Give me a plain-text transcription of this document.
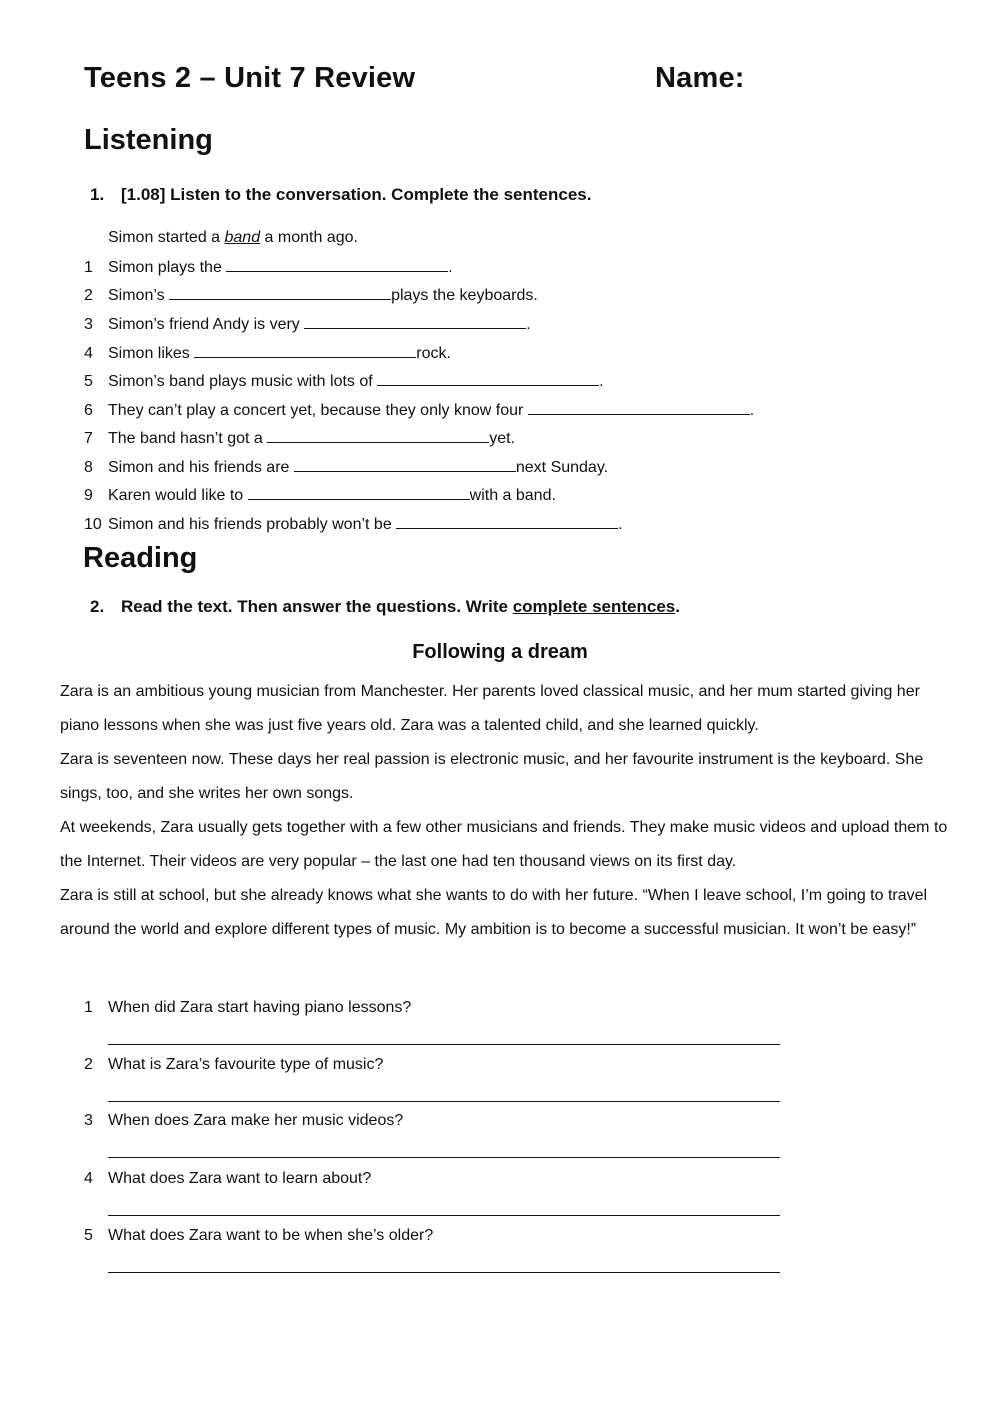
Teens 2 – Unit 7 Review	Name:
Listening
1. [1.08] Listen to the conversation. Complete the sentences.
Simon started a band a month ago.
1 Simon plays the	.
2 Simon’s	plays the keyboards.
3 Simon’s friend Andy is very	.
4 Simon likes	rock.
5 Simon’s band plays music with lots of	.
6 They can’t play a concert yet, because they only know four	.
7 The band hasn’t got a	yet.
8 Simon and his friends are	next Sunday.
9 Karen would like to	with a band.
10 Simon and his friends probably won’t be	.
Reading
2. Read the text. Then answer the questions. Write complete sentences.
Following a dream

Zara is an ambitious young musician from Manchester. Her parents loved classical music, and her mum started giving her piano lessons when she was just five years old. Zara was a talented child, and she learned quickly.

Zara is seventeen now. These days her real passion is electronic music, and her favourite instrument is the keyboard. She sings, too, and she writes her own songs.

At weekends, Zara usually gets together with a few other musicians and friends. They make music videos and upload them to the Internet. Their videos are very popular – the last one had ten thousand views on its first day.

Zara is still at school, but she already knows what she wants to do with her future. “When I leave school, I’m going to travel around the world and explore different types of music. My ambition is to become a successful musician. It won’t be easy!”

1 When did Zara start having piano lessons?
2 What is Zara’s favourite type of music?
3 When does Zara make her music videos?
4 What does Zara want to learn about?
5 What does Zara want to be when she’s older?
